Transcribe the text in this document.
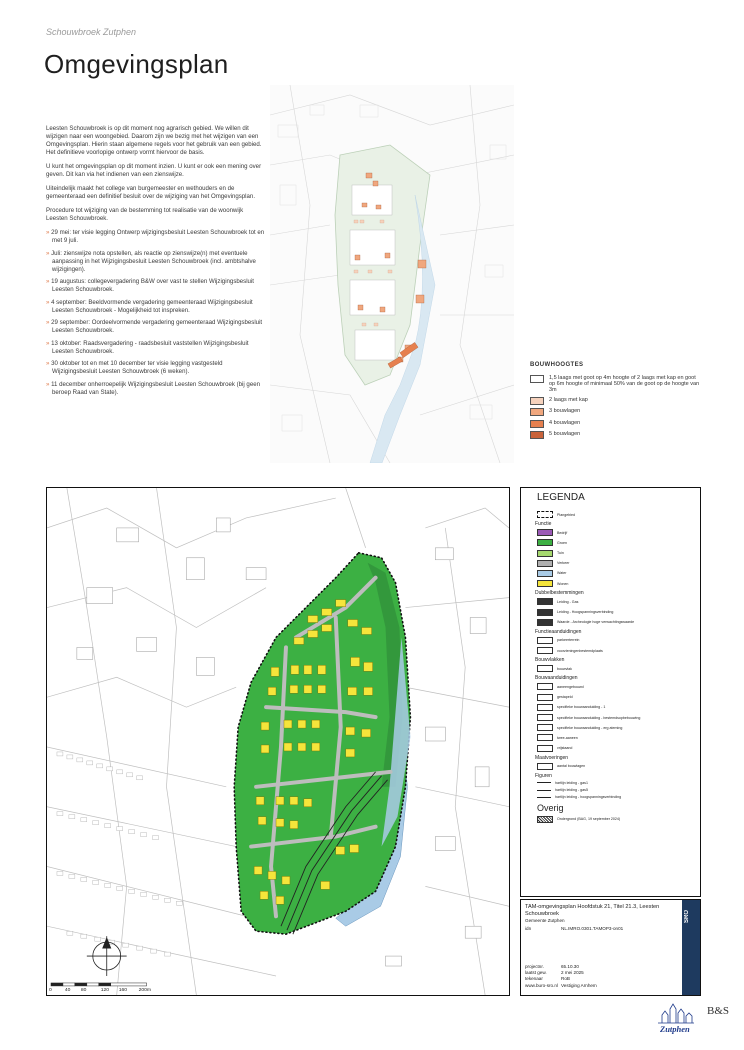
Schouwbroek Zutphen
Omgevingsplan

Leesten Schouwbroek is op dit moment nog agrarisch gebied. We willen dit wijzigen naar een woongebied. Daarom zijn we bezig met het wijzigen van een Omgevingsplan. Hierin staan algemene regels voor het gebruik van een gebied. Het definitieve voorlopige ontwerp vormt hiervoor de basis.

U kunt het omgevingsplan op dit moment inzien. U kunt er ook een mening over geven. Dit kan via het indienen van een zienswijze.

Uiteindelijk maakt het college van burgemeester en wethouders en de gemeenteraad een definitief besluit over de wijziging van het Omgevingsplan.

Procedure tot wijziging van de bestemming tot realisatie van de woonwijk Leesten Schouwbroek.

» 29 mei: ter visie legging Ontwerp wijzigingsbesluit Leesten Schouwbroek tot en met 9 juli.
» Juli: zienswijze nota opstellen, als reactie op zienswijze(n) met eventuele aanpassing in het Wijzigingsbesluit Leesten Schouwbroek (incl. ambtshalve wijzigingen).
» 19 augustus: collegevergadering B&W over vast te stellen Wijzigingsbesluit Leesten Schouwbroek.
» 4 september: Beeldvormende vergadering gemeenteraad Wijzigingsbesluit Leesten Schouwbroek - Mogelijkheid tot inspreken.
» 29 september: Oordeelvormende vergadering gemeenteraad Wijzigingsbesluit Leesten Schouwbroek.
» 13 oktober: Raadsvergadering - raadsbesluit vaststellen Wijzigingsbesluit Leesten Schouwbroek.
» 30 oktober tot en met 10 december ter visie legging vastgesteld Wijzigingsbesluit Leesten Schouwbroek (6 weken).
» 11 december onherroepelijk Wijzigingsbesluit Leesten Schouwbroek (bij geen beroep Raad van State).
BOUWHOOGTES
1,5 laags met goot op 4m hoogte of 2 laags met kap en goot op 6m hoogte of minimaal 50% van de goot op de hoogte van 3m
2 laags met kap
3 bouwlagen
4 bouwlagen
5 bouwlagen
0	40 80	120 160 200m
LEGENDA
Plangebied
Functie
Bedrijf
Groen
Tuin
Verkeer
Water
Wonen
Dubbelbestemmingen
Leiding - Gas
Leiding - Hoogspanningsverbinding
Waarde - Archeologie hoge verwachtingswaarde
Functieaanduidingen
parkeerterrein
voorzieningenbestemdplaats
Bouwvlakken
bouwvlak
Bouwaanduidingen
aaneengebouwd
gestapeld
specifieke bouwaanduiding - 1
specifieke bouwaanduiding - bestemdsopbebouwing
specifieke bouwaanduiding - erg ateming
twee-aaneen
vrijstaand
Maatvoeringen
aantal bouwlagen
Figuren
hartlijn leiding - gas1
hartlijn leiding - gas5
hartlijn leiding - hoogspanningsverbinding
Overig
Ondergrond (BAG, 19 september 2024)
TAM-omgevingsplan Hoofdstuk 21, Titel 21.3, Leesten Schouwbroek
Gemeente Zutphen
idn	NL.IMRO.0301.TAMOP3-on01
projectnr.	65.10.30
laatst gew.	2 mei 2025
tekenaar	RoB
www.buro-sro.nl Vestiging Arnhem
SRO
Zutphen
B&S
